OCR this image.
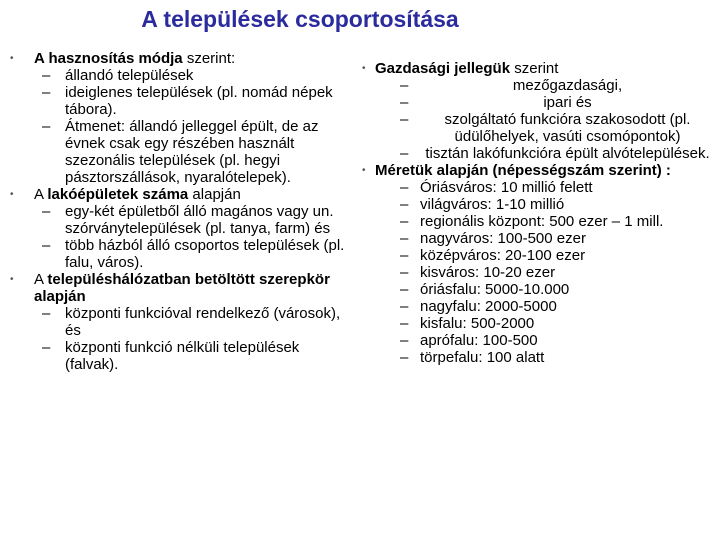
A települések csoportosítása
• A hasznosítás módja szerint:
– állandó települések
– ideiglenes települések (pl. nomád népek tábora).
– Átmenet: állandó jelleggel épült, de az évnek csak egy részében használt szezonális települések (pl. hegyi pásztorszállások, nyaralótelepek).
• A lakóépületek száma alapján
– egy-két épületből álló magános vagy un. szórványtelepülések (pl. tanya, farm) és
– több házból álló csoportos települések (pl. falu, város).
• A településhálózatban betöltött szerepkör alapján
– központi funkcióval rendelkező (városok), és
– központi funkció nélküli települések (falvak).
• Gazdasági jellegük szerint
–	mezőgazdasági,
–	ipari és
– szolgáltató funkcióra szakosodott (pl. üdülőhelyek, vasúti csomópontok)
– tisztán lakófunkcióra épült alvótelepülések.
• Méretük alapján (népességszám szerint) :
– Óriásváros: 10 millió felett
– világváros: 1-10 millió
– regionális központ: 500 ezer – 1 mill.
– nagyváros: 100-500 ezer
– középváros: 20-100 ezer
– kisváros: 10-20 ezer
– óriásfalu: 5000-10.000
– nagyfalu: 2000-5000
– kisfalu: 500-2000
– aprófalu: 100-500
– törpefalu: 100 alatt
